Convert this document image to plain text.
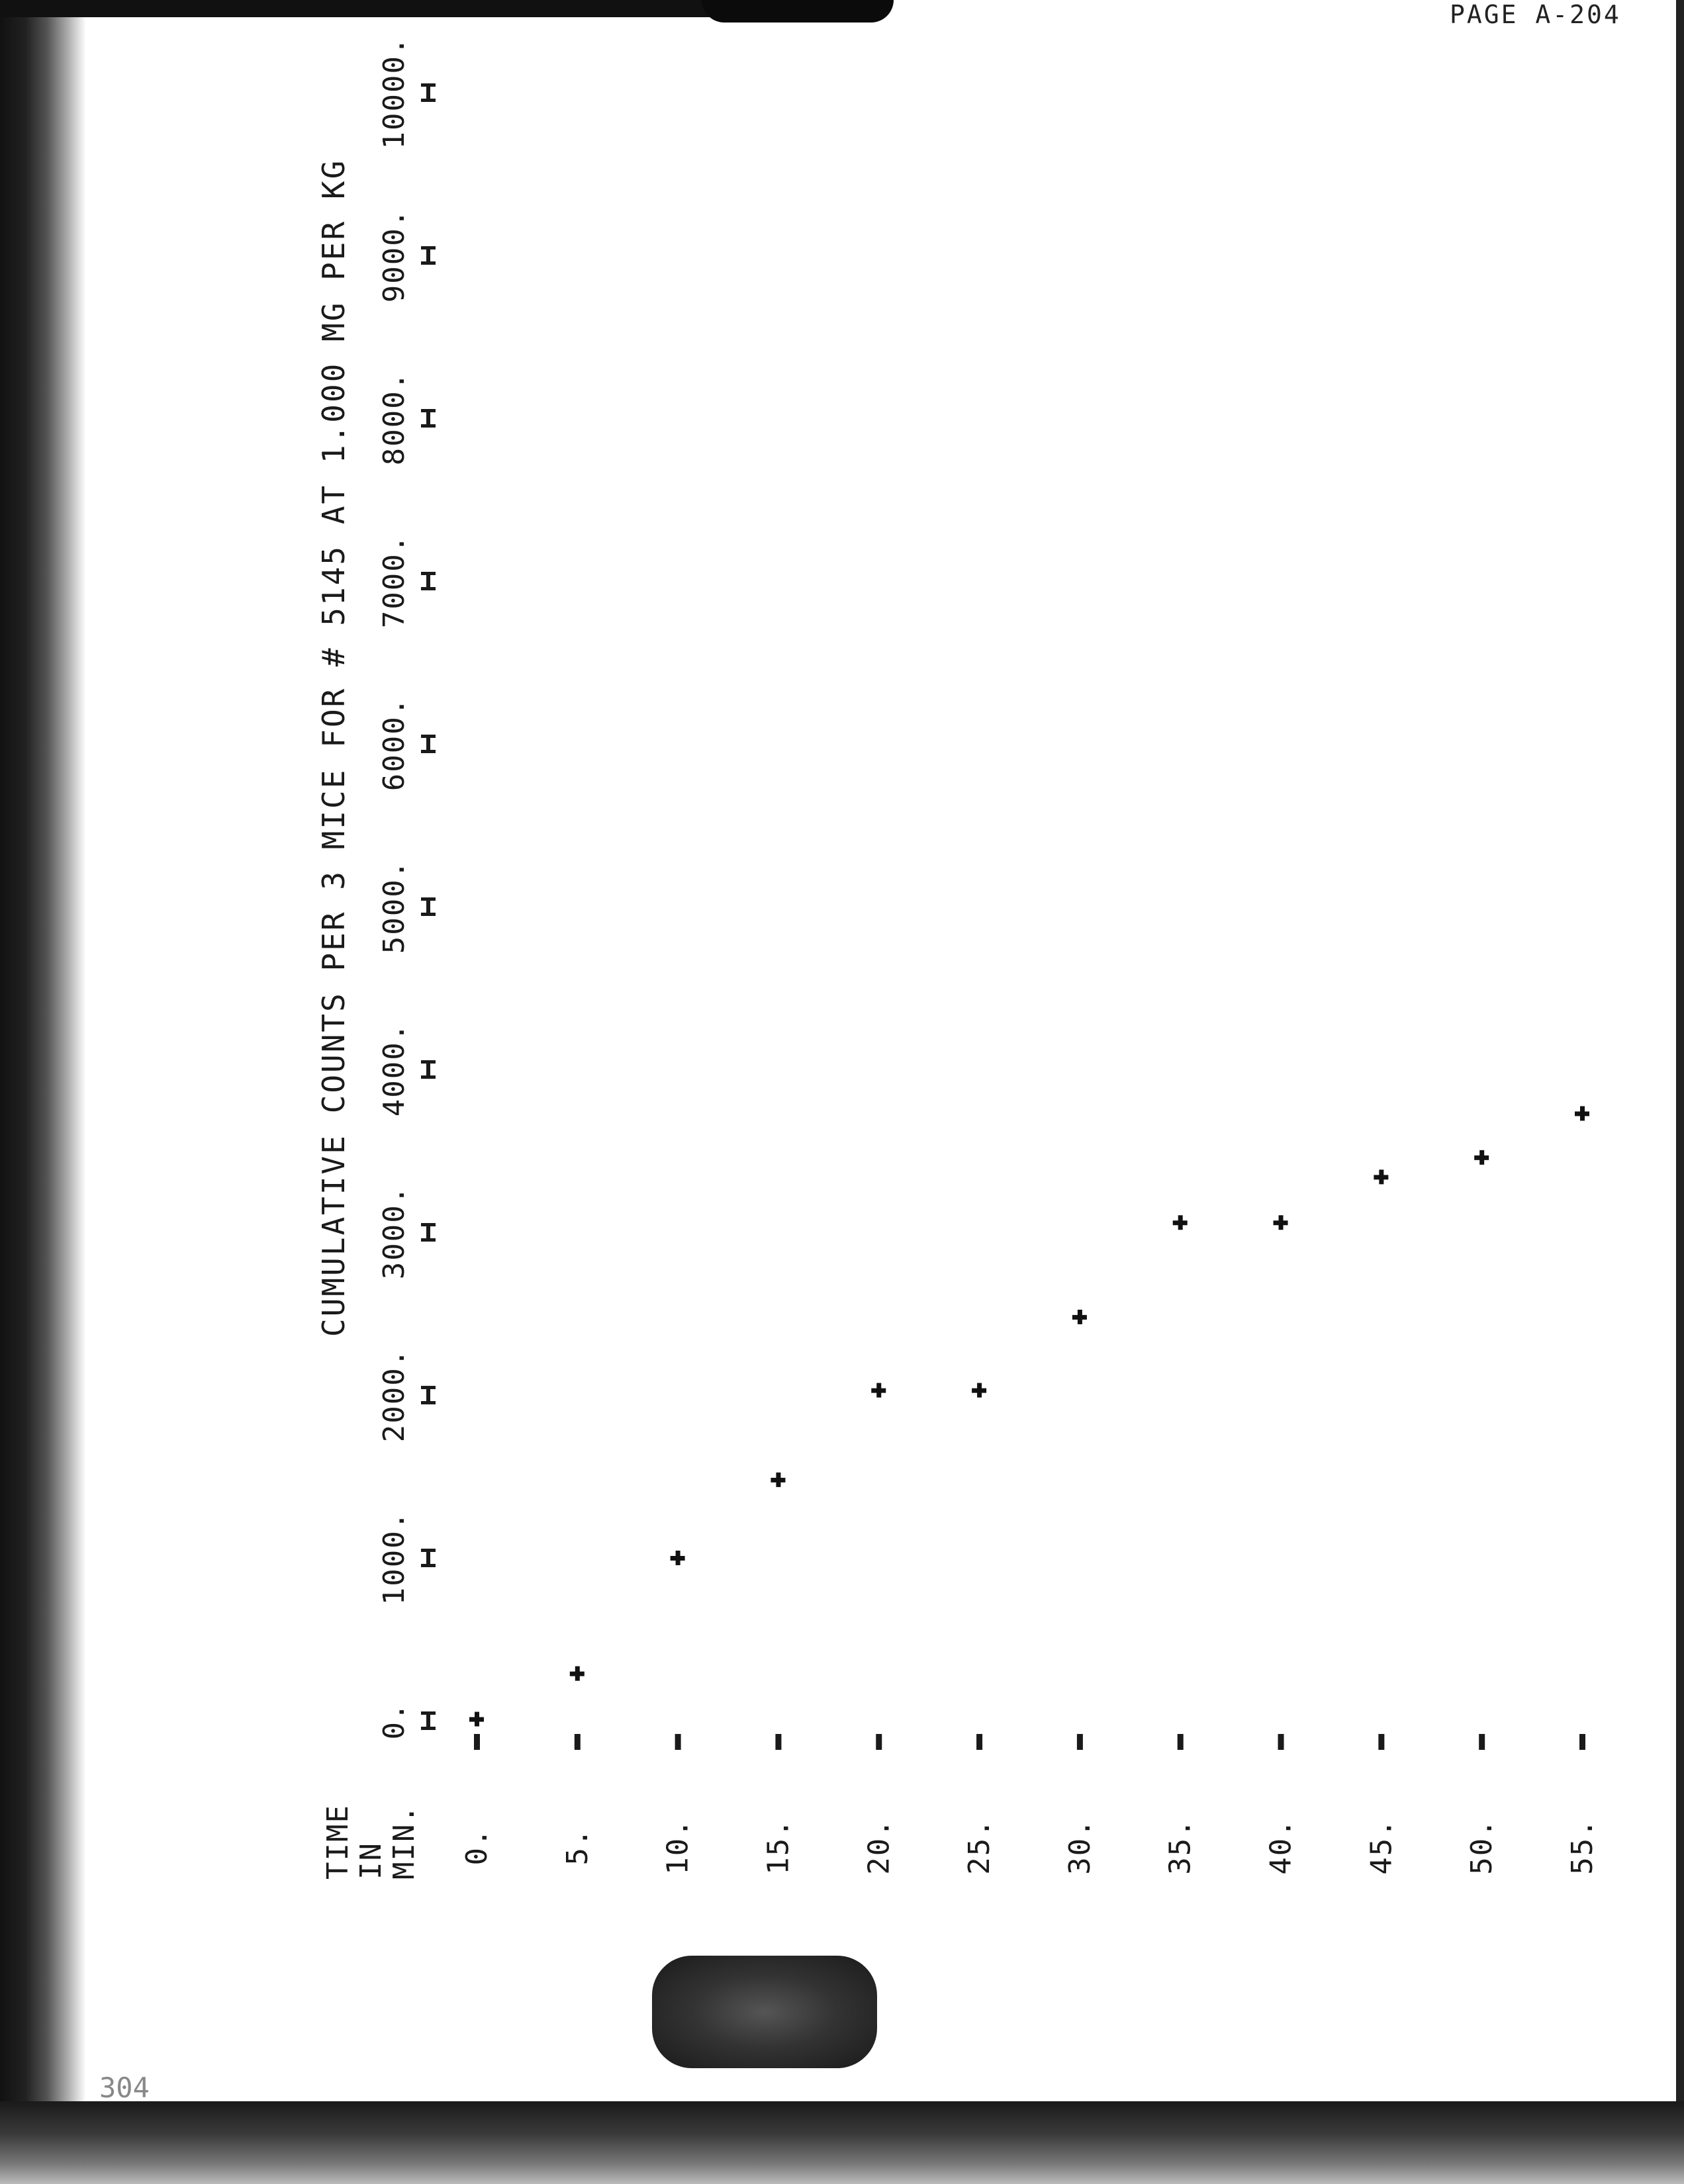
PAGE A-204
304
CUMULATIVE COUNTS PER 3 MICE FOR # 5145 AT 1.000 MG PER KG
TIME IN MIN.
0.
1000.
2000.
3000.
4000.
5000.
6000.
7000.
8000.
9000.
10000.
0. 5. 10. 15. 20. 25. 30. 35. 40. 45. 50. 55.
